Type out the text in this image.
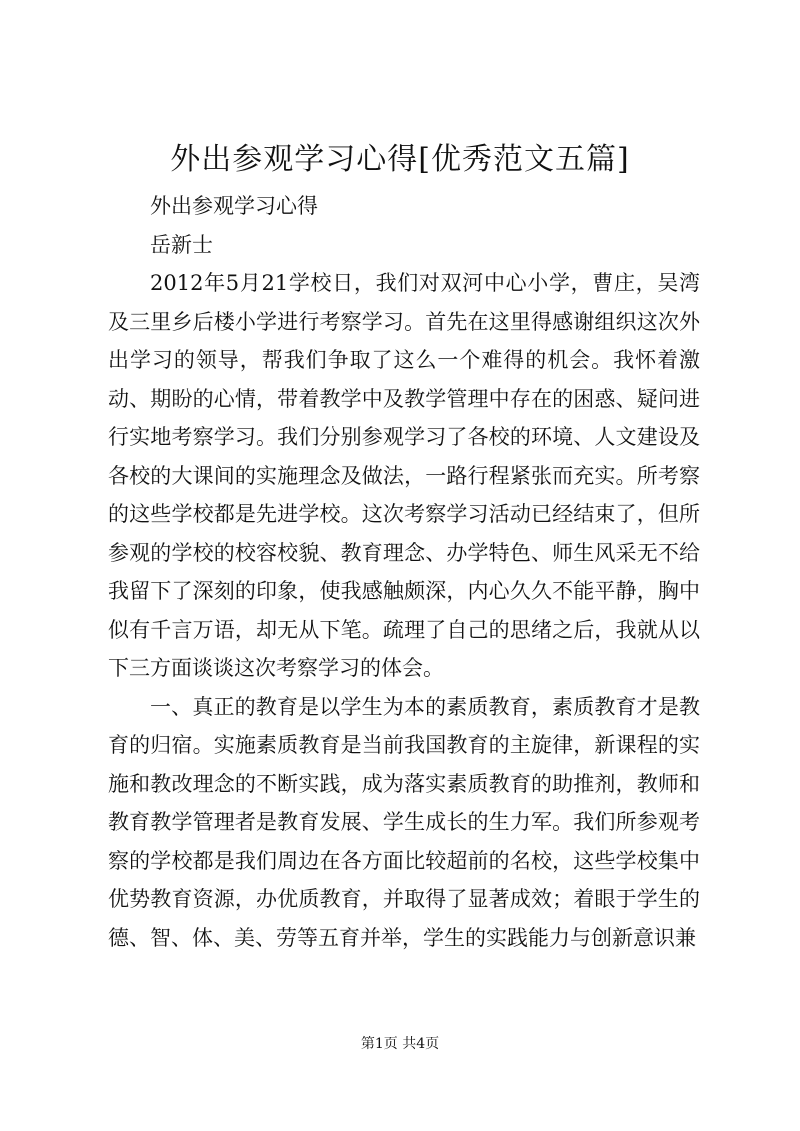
外出参观学习心得[优秀范文五篇]

外出参观学习心得

岳新士

2012年5月21学校日，我们对双河中心小学，曹庄，吴湾及三里乡后楼小学进行考察学习。首先在这里得感谢组织这次外出学习的领导，帮我们争取了这么一个难得的机会。我怀着激动、期盼的心情，带着教学中及教学管理中存在的困惑、疑问进行实地考察学习。我们分别参观学习了各校的环境、人文建设及各校的大课间的实施理念及做法，一路行程紧张而充实。所考察的这些学校都是先进学校。这次考察学习活动已经结束了，但所参观的学校的校容校貌、教育理念、办学特色、师生风采无不给我留下了深刻的印象，使我感触颇深，内心久久不能平静，胸中似有千言万语，却无从下笔。疏理了自己的思绪之后，我就从以下三方面谈谈这次考察学习的体会。

一、真正的教育是以学生为本的素质教育，素质教育才是教育的归宿。实施素质教育是当前我国教育的主旋律，新课程的实施和教改理念的不断实践，成为落实素质教育的助推剂，教师和教育教学管理者是教育发展、学生成长的生力军。我们所参观考察的学校都是我们周边在各方面比较超前的名校，这些学校集中优势教育资源，办优质教育，并取得了显著成效；着眼于学生的德、智、体、美、劳等五育并举，学生的实践能力与创新意识兼

第1页 共4页
